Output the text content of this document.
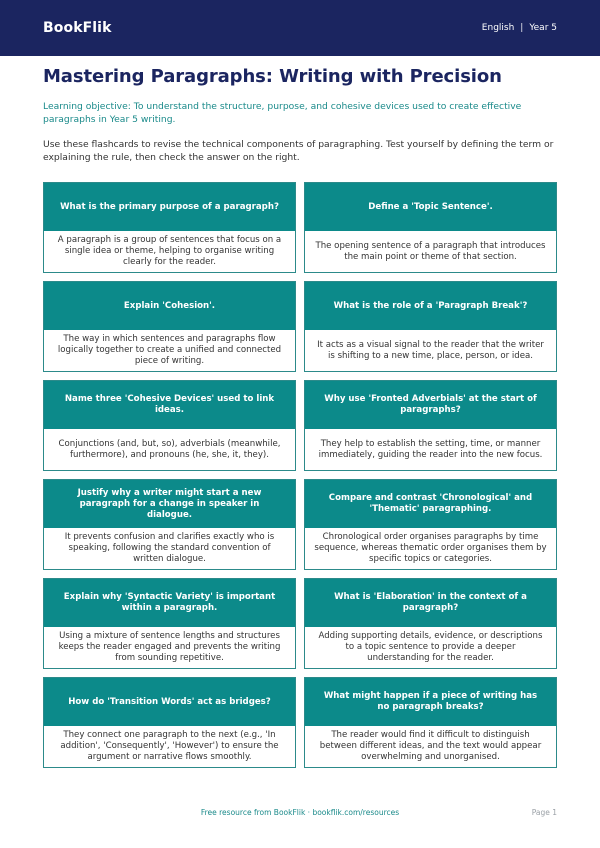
BookFlik	English | Year 5
Mastering Paragraphs: Writing with Precision

Learning objective: To understand the structure, purpose, and cohesive devices used to create effective paragraphs in Year 5 writing.

Use these flashcards to revise the technical components of paragraphing. Test yourself by defining the term or explaining the rule, then check the answer on the right.

What is the primary purpose of a paragraph?
A paragraph is a group of sentences that focus on a single idea or theme, helping to organise writing clearly for the reader.
Define a 'Topic Sentence'.
The opening sentence of a paragraph that introduces the main point or theme of that section.
Explain 'Cohesion'.
The way in which sentences and paragraphs flow logically together to create a unified and connected piece of writing.
What is the role of a 'Paragraph Break'?
It acts as a visual signal to the reader that the writer is shifting to a new time, place, person, or idea.
Name three 'Cohesive Devices' used to link ideas.
Conjunctions (and, but, so), adverbials (meanwhile, furthermore), and pronouns (he, she, it, they).
Why use 'Fronted Adverbials' at the start of paragraphs?
They help to establish the setting, time, or manner immediately, guiding the reader into the new focus.
Justify why a writer might start a new paragraph for a change in speaker in dialogue.
It prevents confusion and clarifies exactly who is speaking, following the standard convention of written dialogue.
Compare and contrast 'Chronological' and 'Thematic' paragraphing.
Chronological order organises paragraphs by time sequence, whereas thematic order organises them by specific topics or categories.
Explain why 'Syntactic Variety' is important within a paragraph.
Using a mixture of sentence lengths and structures keeps the reader engaged and prevents the writing from sounding repetitive.
What is 'Elaboration' in the context of a paragraph?
Adding supporting details, evidence, or descriptions to a topic sentence to provide a deeper understanding for the reader.
How do 'Transition Words' act as bridges?
They connect one paragraph to the next (e.g., 'In addition', 'Consequently', 'However') to ensure the argument or narrative flows smoothly.
What might happen if a piece of writing has no paragraph breaks?
The reader would find it difficult to distinguish between different ideas, and the text would appear overwhelming and unorganised.
Free resource from BookFlik · bookflik.com/resources	Page 1
